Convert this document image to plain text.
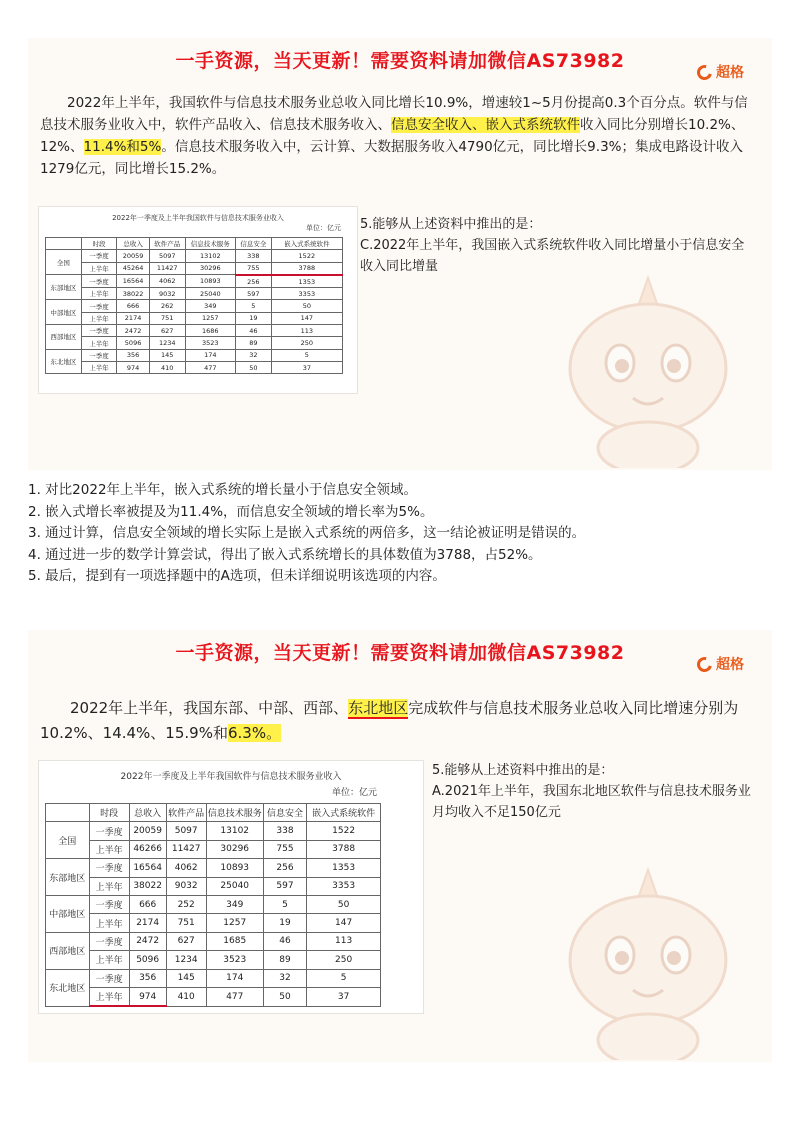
一手资源，当天更新！需要资料请加微信AS73982
超格
2022年上半年，我国软件与信息技术服务业总收入同比增长10.9%，增速较1~5月份提高0.3个百分点。软件与信息技术服务业收入中，软件产品收入、信息技术服务收入、信息安全收入、嵌入式系统软件收入同比分别增长10.2%、12%、11.4%和5%。信息技术服务收入中，云计算、大数据服务收入4790亿元，同比增长9.3%；集成电路设计收入1279亿元，同比增长15.2%。
2022年一季度及上半年我国软件与信息技术服务业收入
单位：亿元
	时段	总收入	软件产品	信息技术服务	信息安全	嵌入式系统软件
全国	一季度	20059	5097	13102	338	1522
	上半年	45264	11427	30296	755	3788
东部地区	一季度	16564	4062	10893	256	1353
	上半年	38022	9032	25040	597	3353
中部地区	一季度	666	262	349	5	50
	上半年	2174	751	1257	19	147
西部地区	一季度	2472	627	1686	46	113
	上半年	5096	1234	3523	89	250
东北地区	一季度	356	145	174	32	5
	上半年	974	410	477	50	37
5.能够从上述资料中推出的是：
C.2022年上半年，我国嵌入式系统软件收入同比增量小于信息安全收入同比增量
1. 对比2022年上半年，嵌入式系统的增长量小于信息安全领域。
2. 嵌入式增长率被提及为11.4%，而信息安全领域的增长率为5%。
3. 通过计算，信息安全领域的增长实际上是嵌入式系统的两倍多，这一结论被证明是错误的。
4. 通过进一步的数学计算尝试，得出了嵌入式系统增长的具体数值为3788，占52%。
5. 最后，提到有一项选择题中的A选项，但未详细说明该选项的内容。
一手资源，当天更新！需要资料请加微信AS73982
超格
2022年上半年，我国东部、中部、西部、东北地区完成软件与信息技术服务业总收入同比增速分别为10.2%、14.4%、15.9%和6.3%。
2022年一季度及上半年我国软件与信息技术服务业收入
单位：亿元
	时段	总收入	软件产品	信息技术服务	信息安全	嵌入式系统软件
全国	一季度	20059	5097	13102	338	1522
	上半年	46266	11427	30296	755	3788
东部地区	一季度	16564	4062	10893	256	1353
	上半年	38022	9032	25040	597	3353
中部地区	一季度	666	252	349	5	50
	上半年	2174	751	1257	19	147
西部地区	一季度	2472	627	1685	46	113
	上半年	5096	1234	3523	89	250
东北地区	一季度	356	145	174	32	5
	上半年	974	410	477	50	37
5.能够从上述资料中推出的是：
A.2021年上半年，我国东北地区软件与信息技术服务业月均收入不足150亿元
